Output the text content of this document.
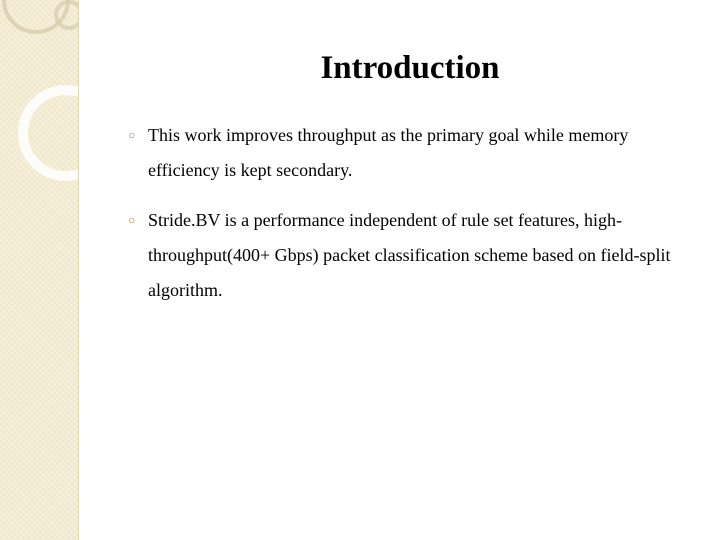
Introduction
○ This work improves throughput as the primary goal while memory efficiency is kept secondary.
○ Stride.BV is a performance independent of rule set features, high-throughput(400+ Gbps) packet classification scheme based on field-split algorithm.
